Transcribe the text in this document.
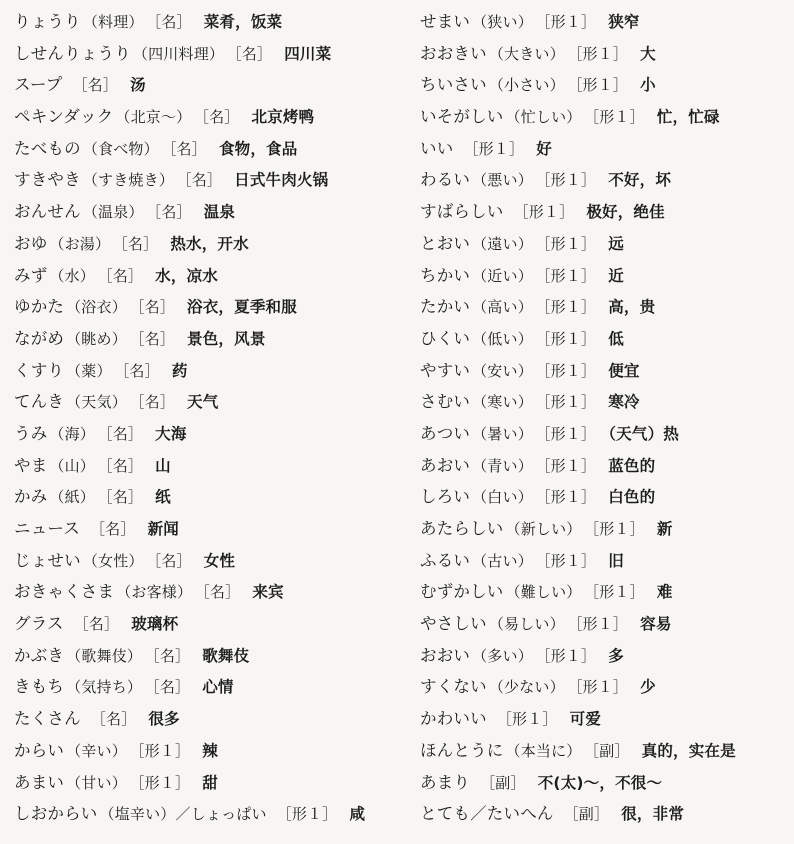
りょうり （料理） ［名］ 菜肴，饭菜
しせんりょうり （四川料理） ［名］ 四川菜
スープ ［名］ 汤
ペキンダック （北京～） ［名］ 北京烤鸭
たべもの （食べ物） ［名］ 食物，食品
すきやき （すき焼き） ［名］ 日式牛肉火锅
おんせん （温泉） ［名］ 温泉
おゆ （お湯） ［名］ 热水，开水
みず （水） ［名］ 水，凉水
ゆかた （浴衣） ［名］ 浴衣，夏季和服
ながめ （眺め） ［名］ 景色，风景
くすり （薬） ［名］ 药
てんき （天気） ［名］ 天气
うみ （海） ［名］ 大海
やま （山） ［名］ 山
かみ （紙） ［名］ 纸
ニュース ［名］ 新闻
じょせい （女性） ［名］ 女性
おきゃくさま （お客様） ［名］ 来宾
グラス ［名］ 玻璃杯
かぶき （歌舞伎） ［名］ 歌舞伎
きもち （気持ち） ［名］ 心情
たくさん ［名］ 很多
からい （辛い） ［形１］ 辣
あまい （甘い） ［形１］ 甜
しおからい （塩辛い）／しょっぱい ［形１］ 咸
せまい （狭い） ［形１］ 狭窄
おおきい （大きい） ［形１］ 大
ちいさい （小さい） ［形１］ 小
いそがしい （忙しい） ［形１］ 忙，忙碌
いい ［形１］ 好
わるい （悪い） ［形１］ 不好，坏
すばらしい ［形１］ 极好，绝佳
とおい （遠い） ［形１］ 远
ちかい （近い） ［形１］ 近
たかい （高い） ［形１］ 高，贵
ひくい （低い） ［形１］ 低
やすい （安い） ［形１］ 便宜
さむい （寒い） ［形１］ 寒冷
あつい （暑い） ［形１］ （天气）热
あおい （青い） ［形１］ 蓝色的
しろい （白い） ［形１］ 白色的
あたらしい （新しい） ［形１］ 新
ふるい （古い） ［形１］ 旧
むずかしい （難しい） ［形１］ 难
やさしい （易しい） ［形１］ 容易
おおい （多い） ［形１］ 多
すくない （少ない） ［形１］ 少
かわいい ［形１］ 可爱
ほんとうに （本当に） ［副］ 真的，实在是
あまり ［副］ 不(太)～，不很～
とても／たいへん ［副］ 很，非常
